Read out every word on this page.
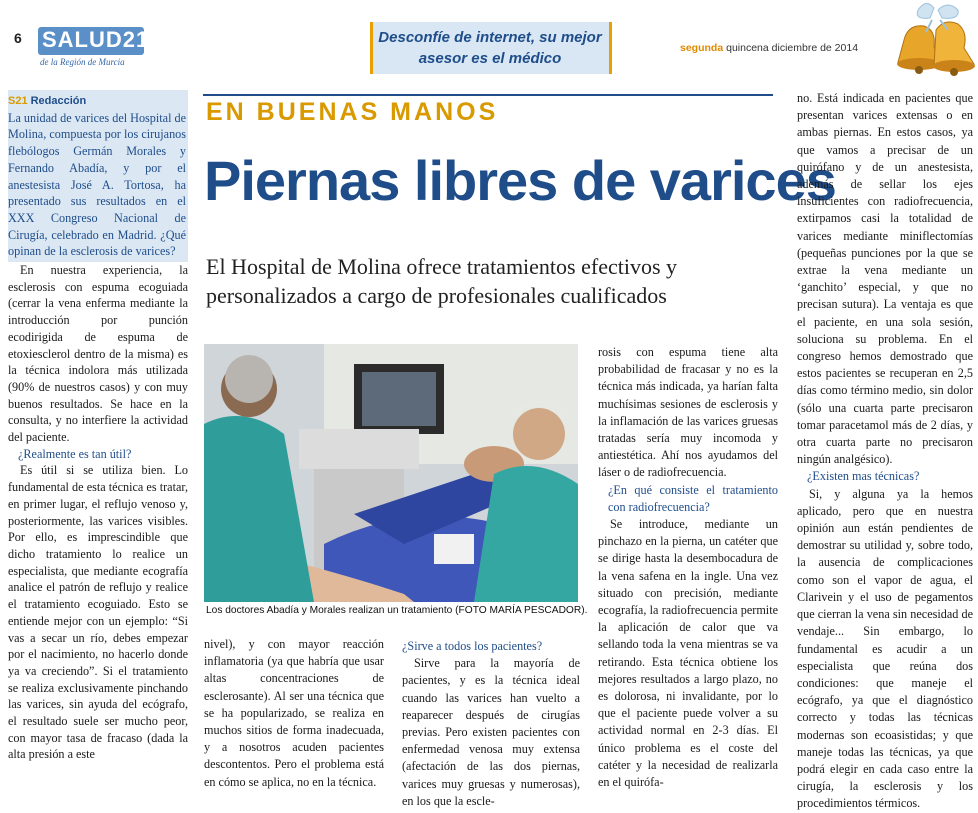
6 SALUD21
de la Región de Murcia
Desconfíe de internet, su mejor asesor es el médico
segunda quincena diciembre de 2014
S21 Redacción

La unidad de varices del Hospital de Molina, compuesta por los cirujanos flebólogos Germán Morales y Fernando Abadía, y por el anestesista José A. Tortosa, ha presentado sus resultados en el XXX Congreso Nacional de Cirugía, celebrado en Madrid. ¿Qué opinan de la esclerosis de varices?

En nuestra experiencia, la esclerosis con espuma ecoguiada (cerrar la vena enferma mediante la introducción por punción ecodirigida de espuma de etoxiesclerol dentro de la misma) es la técnica indolora más utilizada (90% de nuestros casos) y con muy buenos resultados. Se hace en la consulta, y no interfiere la actividad del paciente.

¿Realmente es tan útil?

Es útil si se utiliza bien. Lo fundamental de esta técnica es tratar, en primer lugar, el reflujo venoso y, posteriormente, las varices visibles. Por ello, es imprescindible que dicho tratamiento lo realice un especialista, que mediante ecografía analice el patrón de reflujo y realice el tratamiento ecoguiado. Esto se entiende mejor con un ejemplo: “Si vas a secar un río, debes empezar por el nacimiento, no hacerlo donde ya va creciendo”. Si el tratamiento se realiza exclusivamente pinchando las varices, sin ayuda del ecógrafo, el resultado suele ser mucho peor, con mayor tasa de fracaso (dada la alta presión a este

EN BUENAS MANOS
Piernas libres de varices
El Hospital de Molina ofrece tratamientos efectivos y personalizados a cargo de profesionales cualificados
Los doctores Abadía y Morales realizan un tratamiento (FOTO MARÍA PESCADOR).

nivel), y con mayor reacción inflamatoria (ya que habría que usar altas concentraciones de esclerosante). Al ser una técnica que se ha popularizado, se realiza en muchos sitios de forma inadecuada, y a nosotros acuden pacientes descontentos. Pero el problema está en cómo se aplica, no en la técnica.

¿Sirve a todos los pacientes?

Sirve para la mayoría de pacientes, y es la técnica ideal cuando las varices han vuelto a reaparecer después de cirugías previas. Pero existen pacientes con enfermedad venosa muy extensa (afectación de las dos piernas, varices muy gruesas y numerosas), en los que la escle-

rosis con espuma tiene alta probabilidad de fracasar y no es la técnica más indicada, ya harían falta muchísimas sesiones de esclerosis y la inflamación de las varices gruesas tratadas sería muy incomoda y antiestética. Ahí nos ayudamos del láser o de radiofrecuencia.

¿En qué consiste el tratamiento con radiofrecuencia?

Se introduce, mediante un pinchazo en la pierna, un catéter que se dirige hasta la desembocadura de la vena safena en la ingle. Una vez situado con precisión, mediante ecografía, la radiofrecuencia permite la aplicación de calor que va sellando toda la vena mientras se va retirando. Esta técnica obtiene los mejores resultados a largo plazo, no es dolorosa, ni invalidante, por lo que el paciente puede volver a su actividad normal en 2-3 días. El único problema es el coste del catéter y la necesidad de realizarla en el quirófa-

no. Está indicada en pacientes que presentan varices extensas o en ambas piernas. En estos casos, ya que vamos a precisar de un quirófano y de un anestesista, además de sellar los ejes insuficientes con radiofrecuencia, extirpamos casi la totalidad de varices mediante miniflectomías (pequeñas punciones por la que se extrae la vena mediante un ‘ganchito’ especial, y que no precisan sutura). La ventaja es que el paciente, en una sola sesión, soluciona su problema. En el congreso hemos demostrado que estos pacientes se recuperan en 2,5 días como término medio, sin dolor (sólo una cuarta parte precisaron tomar paracetamol más de 2 días, y otra cuarta parte no precisaron ningún analgésico).

¿Existen mas técnicas?

Si, y alguna ya la hemos aplicado, pero que en nuestra opinión aun están pendientes de demostrar su utilidad y, sobre todo, la ausencia de complicaciones como son el vapor de agua, el Clarivein y el uso de pegamentos que cierran la vena sin necesidad de vendaje... Sin embargo, lo fundamental es acudir a un especialista que reúna dos condiciones: que maneje el ecógrafo, ya que el diagnóstico correcto y todas las técnicas modernas son ecoasistidas; y que maneje todas las técnicas, ya que podrá elegir en cada caso entre la cirugía, la esclerosis y los procedimientos térmicos.
